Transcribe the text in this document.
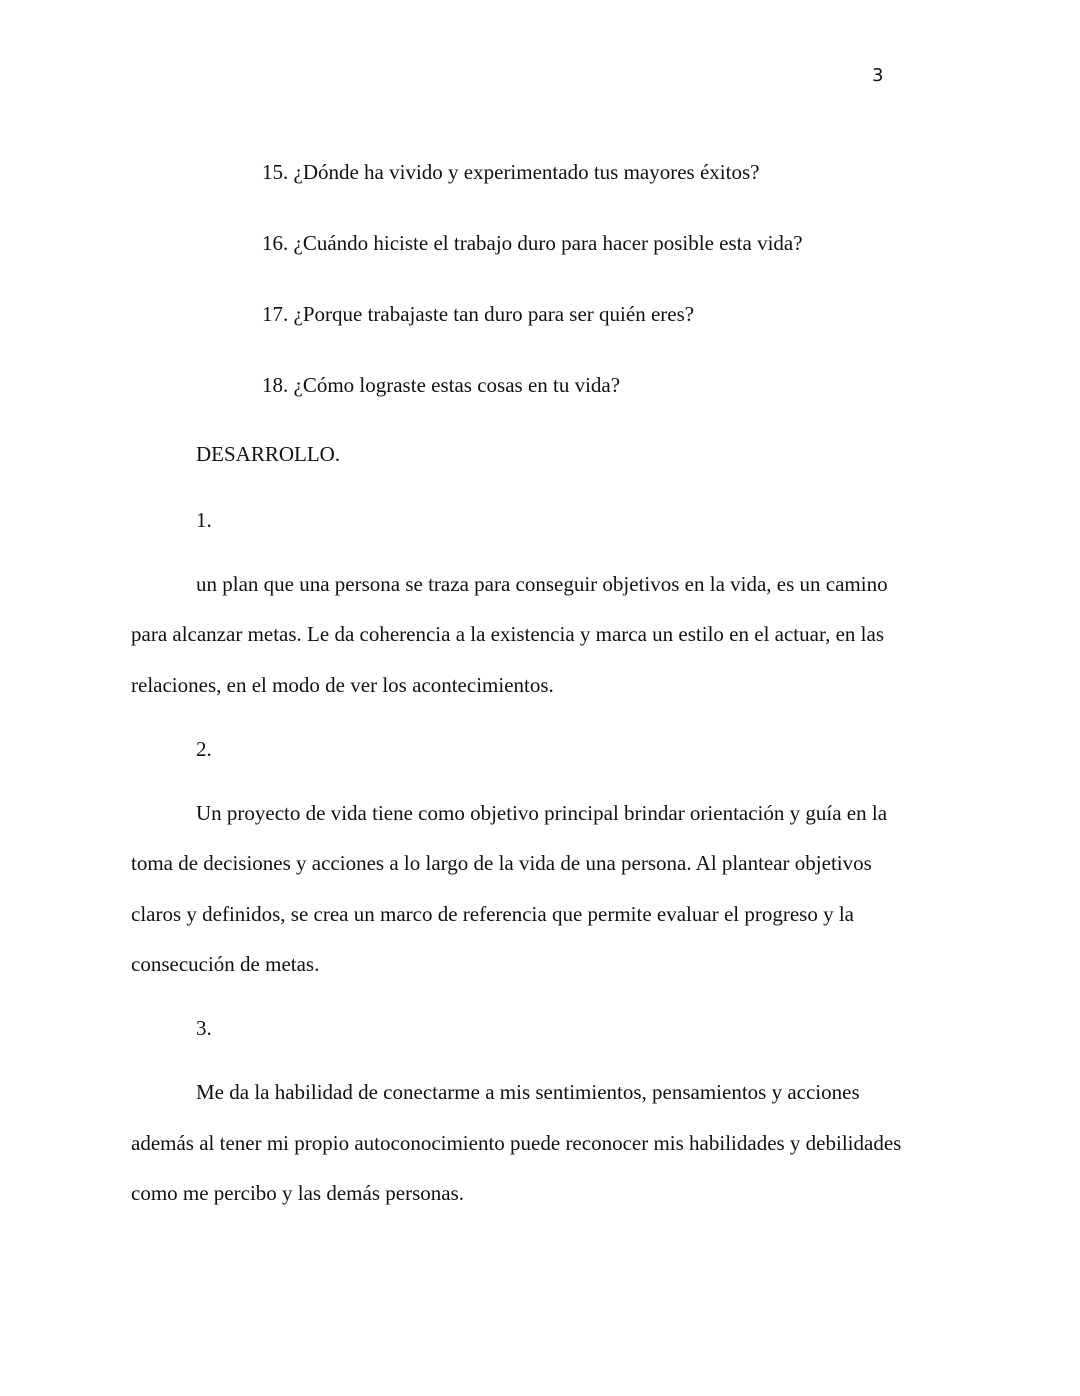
3
15. ¿Dónde ha vivido y experimentado tus mayores éxitos?
16. ¿Cuándo hiciste el trabajo duro para hacer posible esta vida?
17. ¿Porque trabajaste tan duro para ser quién eres?
18. ¿Cómo lograste estas cosas en tu vida?
DESARROLLO.
1.
un plan que una persona se traza para conseguir objetivos en la vida, es un camino
para alcanzar metas. Le da coherencia a la existencia y marca un estilo en el actuar, en las
relaciones, en el modo de ver los acontecimientos.
2.
Un proyecto de vida tiene como objetivo principal brindar orientación y guía en la
toma de decisiones y acciones a lo largo de la vida de una persona. Al plantear objetivos
claros y definidos, se crea un marco de referencia que permite evaluar el progreso y la
consecución de metas.
3.
Me da la habilidad de conectarme a mis sentimientos, pensamientos y acciones
además al tener mi propio autoconocimiento puede reconocer mis habilidades y debilidades
como me percibo y las demás personas.
